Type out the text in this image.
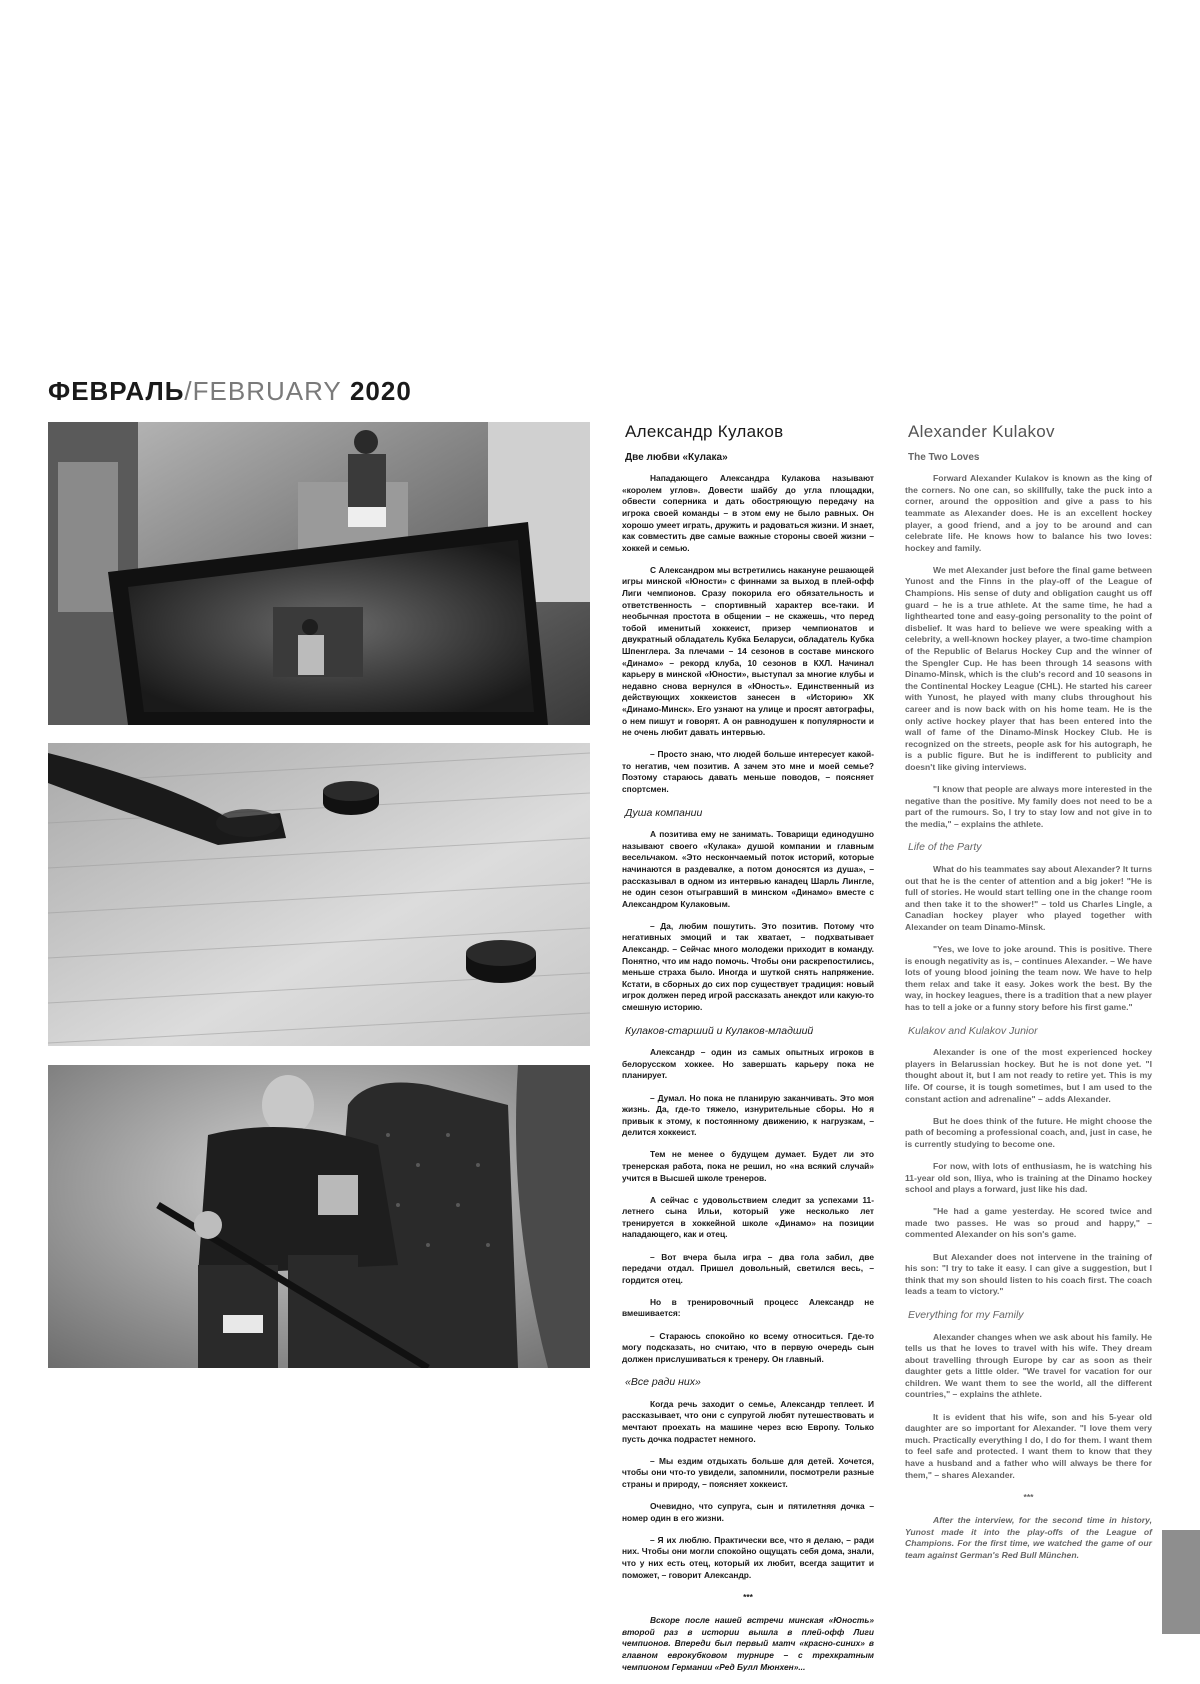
ФЕВРАЛЬ/FEBRUARY 2020
Александр Кулаков
Две любви «Кулака»

Нападающего Александра Кулакова называют «королем углов». Довести шайбу до угла площадки, обвести соперника и дать обостряющую передачу на игрока своей команды – в этом ему не было равных. Он хорошо умеет играть, дружить и радоваться жизни. И знает, как совместить две самые важные стороны своей жизни – хоккей и семью.

С Александром мы встретились накануне решающей игры минской «Юности» с финнами за выход в плей-офф Лиги чемпионов. Сразу покорила его обязательность и ответственность – спортивный характер все-таки. И необычная простота в общении – не скажешь, что перед тобой именитый хоккеист, призер чемпионатов и двукратный обладатель Кубка Беларуси, обладатель Кубка Шпенглера. За плечами – 14 сезонов в составе минского «Динамо» – рекорд клуба, 10 сезонов в КХЛ. Начинал карьеру в минской «Юности», выступал за многие клубы и недавно снова вернулся в «Юность». Единственный из действующих хоккеистов занесен в «Историю» ХК «Динамо-Минск». Его узнают на улице и просят автографы, о нем пишут и говорят. А он равнодушен к популярности и не очень любит давать интервью.

– Просто знаю, что людей больше интересует какой-то негатив, чем позитив. А зачем это мне и моей семье? Поэтому стараюсь давать меньше поводов, – поясняет спортсмен.

Душа компании

А позитива ему не занимать. Товарищи единодушно называют своего «Кулака» душой компании и главным весельчаком. «Это нескончаемый поток историй, которые начинаются в раздевалке, а потом доносятся из душа», – рассказывал в одном из интервью канадец Шарль Лингле, не один сезон отыгравший в минском «Динамо» вместе с Александром Кулаковым.

– Да, любим пошутить. Это позитив. Потому что негативных эмоций и так хватает, – подхватывает Александр. – Сейчас много молодежи приходит в команду. Понятно, что им надо помочь. Чтобы они раскрепостились, меньше страха было. Иногда и шуткой снять напряжение. Кстати, в сборных до сих пор существует традиция: новый игрок должен перед игрой рассказать анекдот или какую-то смешную историю.

Кулаков-старший и Кулаков-младший

Александр – один из самых опытных игроков в белорусском хоккее. Но завершать карьеру пока не планирует.

– Думал. Но пока не планирую заканчивать. Это моя жизнь. Да, где-то тяжело, изнурительные сборы. Но я привык к этому, к постоянному движению, к нагрузкам, – делится хоккеист.

Тем не менее о будущем думает. Будет ли это тренерская работа, пока не решил, но «на всякий случай» учится в Высшей школе тренеров.

А сейчас с удовольствием следит за успехами 11-летнего сына Ильи, который уже несколько лет тренируется в хоккейной школе «Динамо» на позиции нападающего, как и отец.

– Вот вчера была игра – два гола забил, две передачи отдал. Пришел довольный, светился весь, – гордится отец.

Но в тренировочный процесс Александр не вмешивается:

– Стараюсь спокойно ко всему относиться. Где-то могу подсказать, но считаю, что в первую очередь сын должен прислушиваться к тренеру. Он главный.

«Все ради них»

Когда речь заходит о семье, Александр теплеет. И рассказывает, что они с супругой любят путешествовать и мечтают проехать на машине через всю Европу. Только пусть дочка подрастет немного.

– Мы ездим отдыхать больше для детей. Хочется, чтобы они что-то увидели, запомнили, посмотрели разные страны и природу, – поясняет хоккеист.

Очевидно, что супруга, сын и пятилетняя дочка – номер один в его жизни.

– Я их люблю. Практически все, что я делаю, – ради них. Чтобы они могли спокойно ощущать себя дома, знали, что у них есть отец, который их любит, всегда защитит и поможет, – говорит Александр.

***

Вскоре после нашей встречи минская «Юность» второй раз в истории вышла в плей-офф Лиги чемпионов. Впереди был первый матч «красно-синих» в главном еврокубковом турнире – с трехкратным чемпионом Германии «Ред Булл Мюнхен»...

Alexander Kulakov
The Two Loves

Forward Alexander Kulakov is known as the king of the corners. No one can, so skillfully, take the puck into a corner, around the opposition and give a pass to his teammate as Alexander does. He is an excellent hockey player, a good friend, and a joy to be around and can celebrate life. He knows how to balance his two loves: hockey and family.

We met Alexander just before the final game between Yunost and the Finns in the play-off of the League of Champions. His sense of duty and obligation caught us off guard – he is a true athlete. At the same time, he had a lighthearted tone and easy-going personality to the point of disbelief. It was hard to believe we were speaking with a celebrity, a well-known hockey player, a two-time champion of the Republic of Belarus Hockey Cup and the winner of the Spengler Cup. He has been through 14 seasons with Dinamo-Minsk, which is the club's record and 10 seasons in the Continental Hockey League (CHL). He started his career with Yunost, he played with many clubs throughout his career and is now back with on his home team. He is the only active hockey player that has been entered into the wall of fame of the Dinamo-Minsk Hockey Club. He is recognized on the streets, people ask for his autograph, he is a public figure. But he is indifferent to publicity and doesn't like giving interviews.

"I know that people are always more interested in the negative than the positive. My family does not need to be a part of the rumours. So, I try to stay low and not give in to the media," – explains the athlete.

Life of the Party

What do his teammates say about Alexander? It turns out that he is the center of attention and a big joker! "He is full of stories. He would start telling one in the change room and then take it to the shower!" – told us Charles Lingle, a Canadian hockey player who played together with Alexander on team Dinamo-Minsk.

"Yes, we love to joke around. This is positive. There is enough negativity as is, – continues Alexander. – We have lots of young blood joining the team now. We have to help them relax and take it easy. Jokes work the best. By the way, in hockey leagues, there is a tradition that a new player has to tell a joke or a funny story before his first game."

Kulakov and Kulakov Junior

Alexander is one of the most experienced hockey players in Belarussian hockey. But he is not done yet. "I thought about it, but I am not ready to retire yet. This is my life. Of course, it is tough sometimes, but I am used to the constant action and adrenaline" – adds Alexander.

But he does think of the future. He might choose the path of becoming a professional coach, and, just in case, he is currently studying to become one.

For now, with lots of enthusiasm, he is watching his 11-year old son, Iliya, who is training at the Dinamo hockey school and plays a forward, just like his dad.

"He had a game yesterday. He scored twice and made two passes. He was so proud and happy," – commented Alexander on his son's game.

But Alexander does not intervene in the training of his son: "I try to take it easy. I can give a suggestion, but I think that my son should listen to his coach first. The coach leads a team to victory."

Everything for my Family

Alexander changes when we ask about his family. He tells us that he loves to travel with his wife. They dream about travelling through Europe by car as soon as their daughter gets a little older. "We travel for vacation for our children. We want them to see the world, all the different countries," – explains the athlete.

It is evident that his wife, son and his 5-year old daughter are so important for Alexander. "I love them very much. Practically everything I do, I do for them. I want them to feel safe and protected. I want them to know that they have a husband and a father who will always be there for them," – shares Alexander.

***

After the interview, for the second time in history, Yunost made it into the play-offs of the League of Champions. For the first time, we watched the game of our team against German's Red Bull München.
